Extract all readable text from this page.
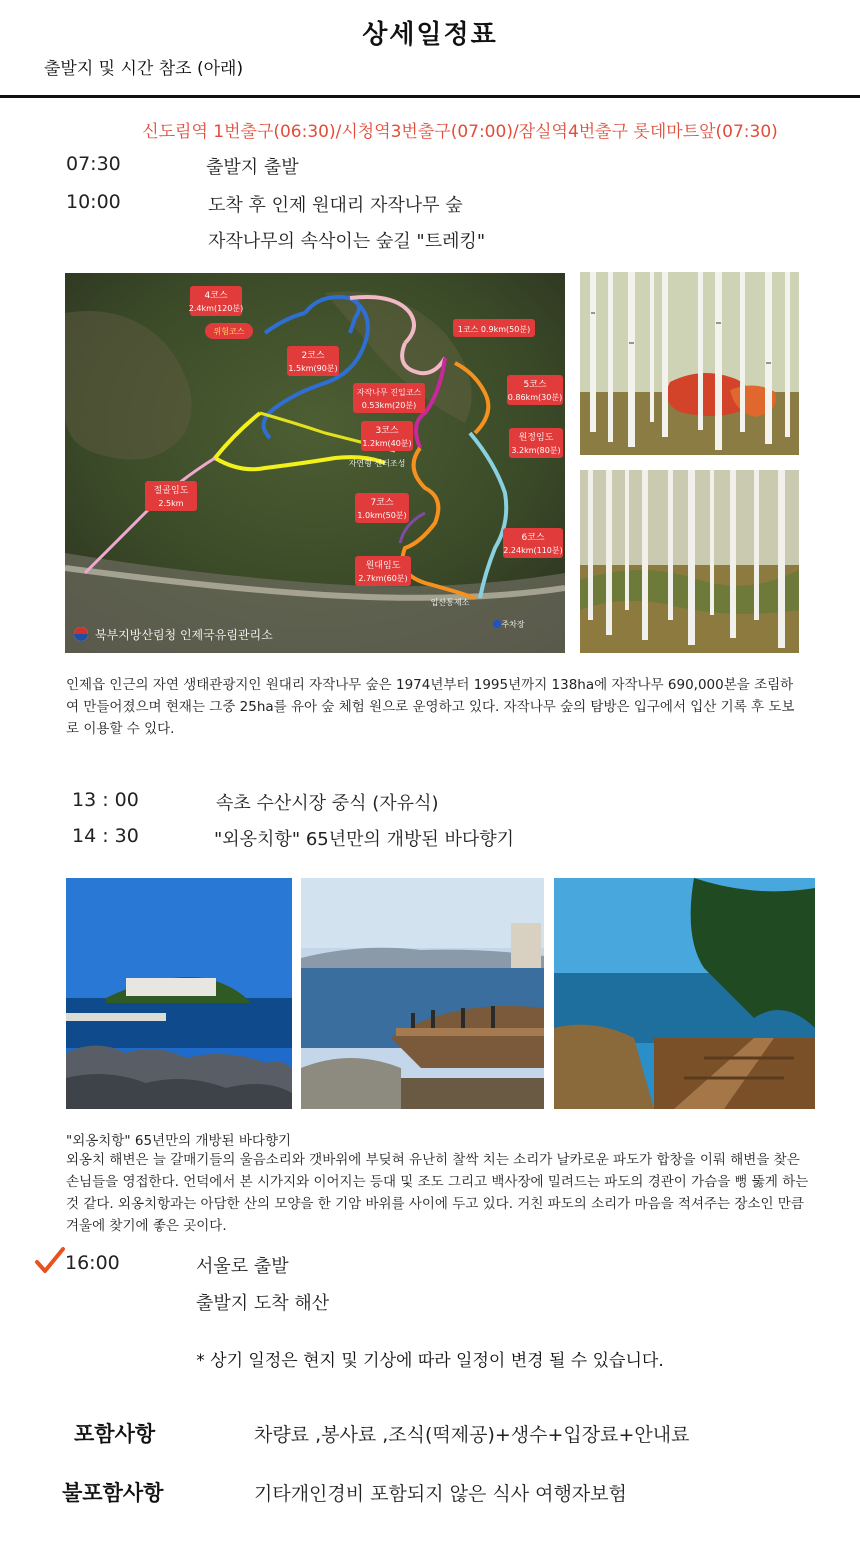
상세일정표
출발지 및 시간 참조 (아래)
신도림역 1번출구(06:30)/시청역3번출구(07:00)/잠실역4번출구 롯데마트앞(07:30)
07:30	출발지 출발
10:00	도착 후 인제 원대리 자작나무 숲
자작나무의 속삭이는 숲길 "트레킹"
4코스
2.4km(120분)
위험코스
2코스
1.5km(90분)
1코스 0.9km(50분)
자작나무 진입코스
0.53km(20분)
5코스
0.86km(30분)
3코스
1.2km(40분)
원정임도
3.2km(80분)
자연형 센터조성
7코스
1.0km(50분)
절골임도
2.5km
6코스
2.24km(110분)
원대임도
2.7km(60분)
입산통제소
주차장
북부지방산림청 인제국유림관리소
인제읍 인근의 자연 생태관광지인 원대리 자작나무 숲은 1974년부터 1995년까지 138ha에 자작나무 690,000본을 조림하여 만들어졌으며 현재는 그중 25ha를 유아 숲 체험 원으로 운영하고 있다. 자작나무 숲의 탐방은 입구에서 입산 기록 후 도보로 이용할 수 있다.
13 : 00	속초 수산시장 중식 (자유식)
14 : 30	"외옹치항" 65년만의 개방된 바다향기
"외옹치항" 65년만의 개방된 바다향기
외옹치 해변은 늘 갈매기들의 울음소리와 갯바위에 부딪혀 유난히 찰싹 치는 소리가 날카로운 파도가 합창을 이뤄 해변을 찾은 손님들을 영접한다. 언덕에서 본 시가지와 이어지는 등대 및 조도 그리고 백사장에 밀려드는 파도의 경관이 가슴을 뻥 뚫게 하는 것 같다. 외옹치항과는 아담한 산의 모양을 한 기암 바위를 사이에 두고 있다. 거친 파도의 소리가 마음을 적셔주는 장소인 만큼 겨울에 찾기에 좋은 곳이다.
16:00	서울로 출발
출발지 도착 해산
* 상기 일정은 현지 및 기상에 따라 일정이 변경 될 수 있습니다.
포함사항	차량료 ,봉사료 ,조식(떡제공)+생수+입장료+안내료
불포함사항	기타개인경비 포함되지 않은 식사 여행자보험
